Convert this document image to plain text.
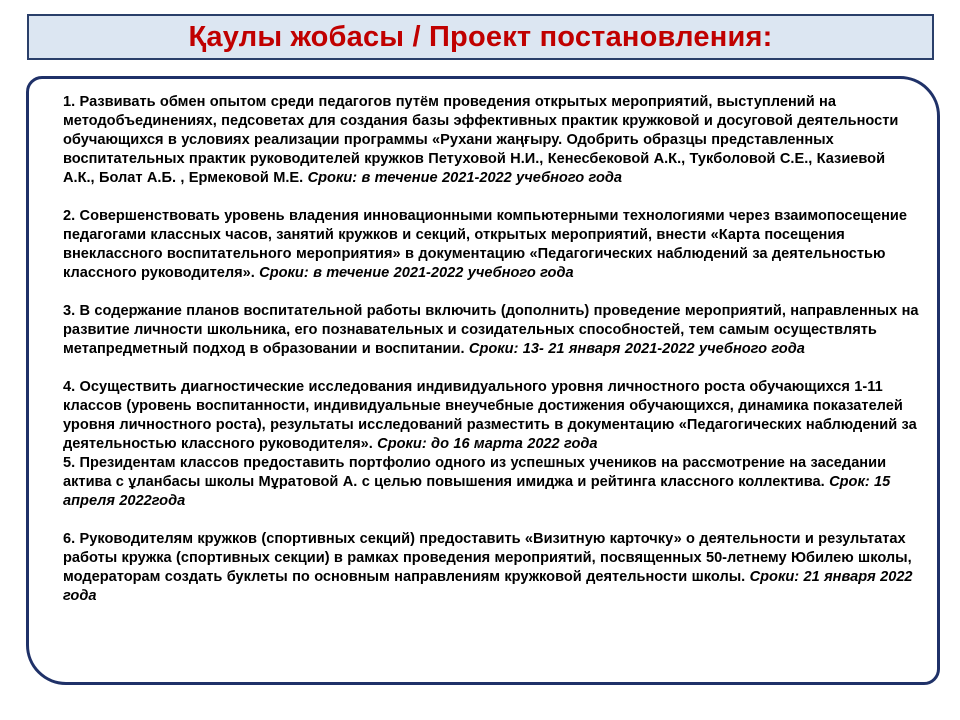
Қаулы жобасы / Проект постановления:

1. Развивать обмен опытом среди педагогов путём проведения открытых мероприятий, выступлений на методобъединениях, педсоветах для создания базы эффективных практик кружковой и досуговой деятельности обучающихся в условиях реализации программы «Рухани жаңғыру. Одобрить образцы представленных воспитательных практик руководителей кружков Петуховой Н.И., Кенесбековой А.К., Тукболовой С.Е., Казиевой А.К., Болат А.Б. , Ермековой М.Е. Сроки: в течение 2021-2022 учебного года

2. Совершенствовать уровень владения инновационными компьютерными технологиями через взаимопосещение педагогами классных часов, занятий кружков и секций, открытых мероприятий, внести «Карта посещения внеклассного воспитательного мероприятия» в документацию «Педагогических наблюдений за деятельностью классного руководителя». Сроки: в течение 2021-2022 учебного года

3. В содержание планов воспитательной работы включить (дополнить) проведение мероприятий, направленных на развитие личности школьника, его познавательных и созидательных способностей, тем самым осуществлять метапредметный подход в образовании и воспитании. Сроки: 13- 21 января 2021-2022 учебного года

4. Осуществить диагностические исследования индивидуального уровня личностного роста обучающихся 1-11 классов (уровень воспитанности, индивидуальные внеучебные достижения обучающихся, динамика показателей уровня личностного роста), результаты исследований разместить в документацию «Педагогических наблюдений за деятельностью классного руководителя». Сроки: до 16 марта 2022 года

5. Президентам классов предоставить портфолио одного из успешных учеников на рассмотрение на заседании актива с ұланбасы школы Мұратовой А. с целью повышения имиджа и рейтинга классного коллектива. Срок: 15 апреля 2022года

6. Руководителям кружков (спортивных секций) предоставить «Визитную карточку» о деятельности и результатах работы кружка (спортивных секции) в рамках проведения мероприятий, посвященных 50-летнему Юбилею школы, модераторам создать буклеты по основным направлениям кружковой деятельности школы. Сроки: 21 января 2022 года
